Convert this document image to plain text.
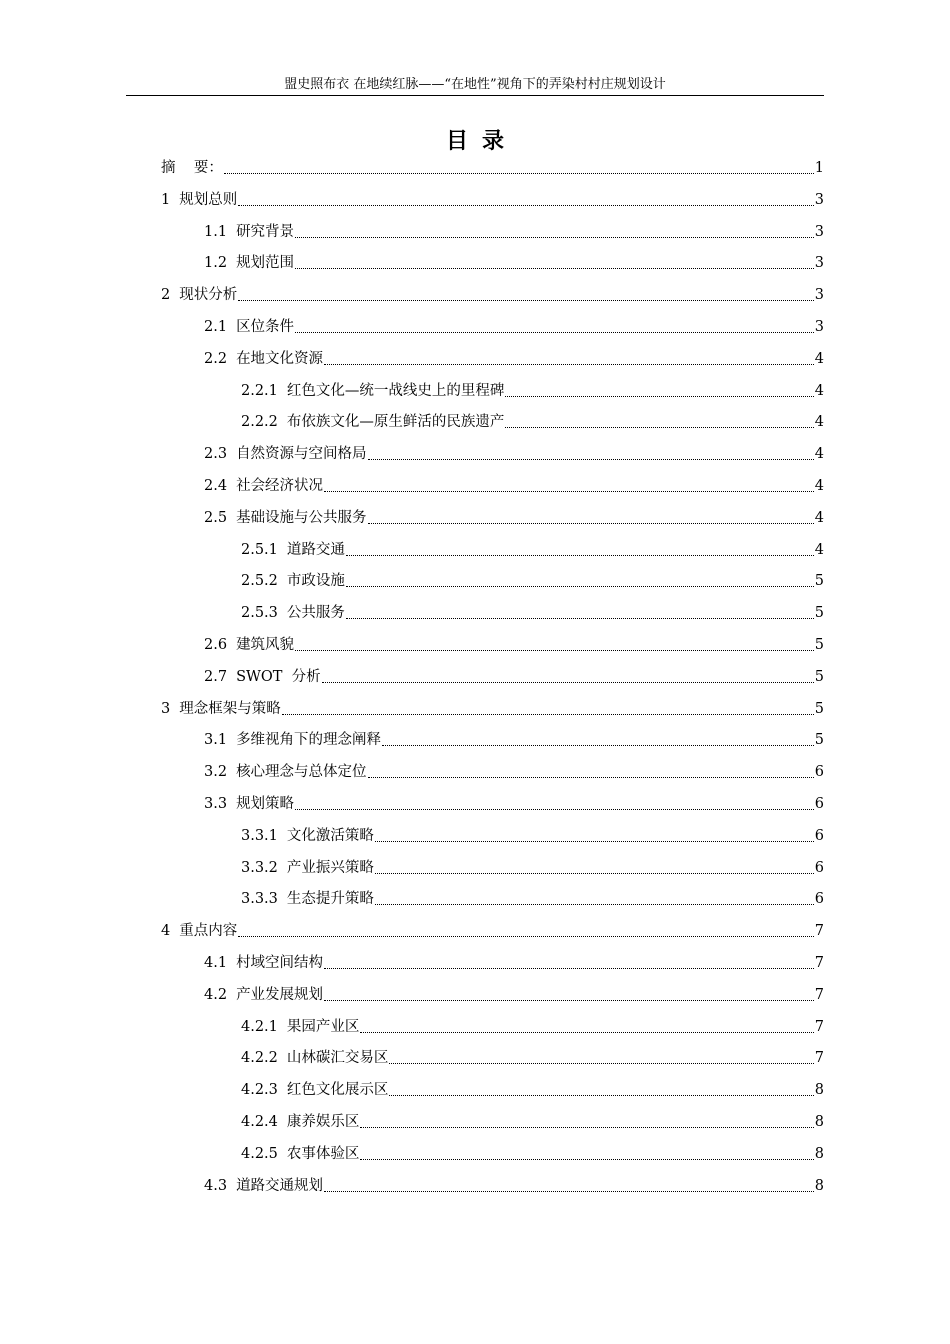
盟史照布衣 在地续红脉——“在地性”视角下的弄染村村庄规划设计
目录
摘    要：	1
1 规划总则	3
1.1 研究背景	3
1.2 规划范围	3
2 现状分析	3
2.1 区位条件	3
2.2 在地文化资源	4
2.2.1 红色文化—统一战线史上的里程碑	4
2.2.2 布依族文化—原生鲜活的民族遗产	4
2.3 自然资源与空间格局	4
2.4 社会经济状况	4
2.5 基础设施与公共服务	4
2.5.1 道路交通	4
2.5.2 市政设施	5
2.5.3 公共服务	5
2.6 建筑风貌	5
2.7 SWOT  分析	5
3 理念框架与策略	5
3.1 多维视角下的理念阐释	5
3.2 核心理念与总体定位	6
3.3 规划策略	6
3.3.1 文化激活策略	6
3.3.2 产业振兴策略	6
3.3.3 生态提升策略	6
4 重点内容	7
4.1 村域空间结构	7
4.2 产业发展规划	7
4.2.1 果园产业区	7
4.2.2 山林碳汇交易区	7
4.2.3 红色文化展示区	8
4.2.4 康养娱乐区	8
4.2.5 农事体验区	8
4.3 道路交通规划	8
